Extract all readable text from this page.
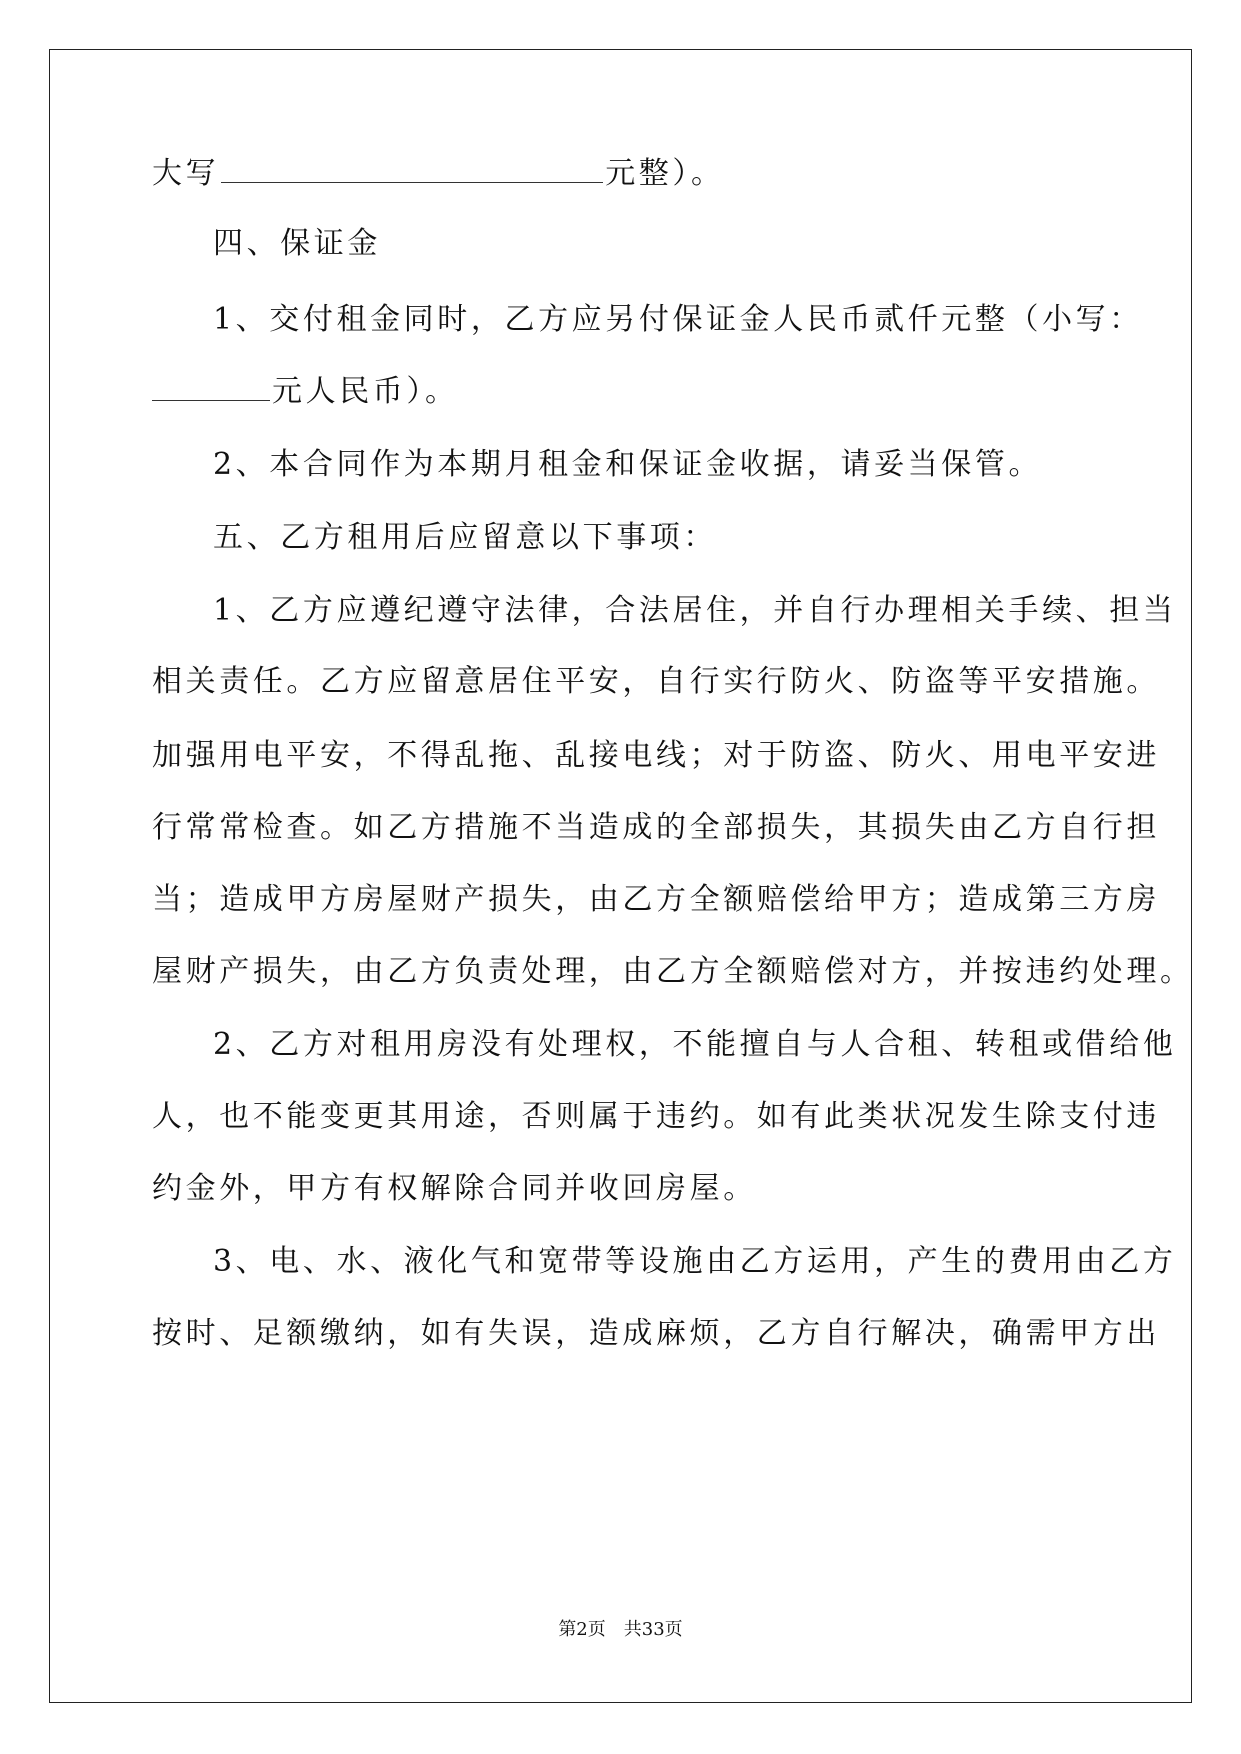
大写	元整）。
四、保证金
1、交付租金同时，乙方应另付保证金人民币贰仟元整（小写：
元人民币）。
2、本合同作为本期月租金和保证金收据，请妥当保管。
五、乙方租用后应留意以下事项：
1、乙方应遵纪遵守法律，合法居住，并自行办理相关手续、担当
相关责任。乙方应留意居住平安，自行实行防火、防盗等平安措施。
加强用电平安，不得乱拖、乱接电线；对于防盗、防火、用电平安进
行常常检查。如乙方措施不当造成的全部损失，其损失由乙方自行担
当；造成甲方房屋财产损失，由乙方全额赔偿给甲方；造成第三方房
屋财产损失，由乙方负责处理，由乙方全额赔偿对方，并按违约处理。
2、乙方对租用房没有处理权，不能擅自与人合租、转租或借给他
人，也不能变更其用途，否则属于违约。如有此类状况发生除支付违
约金外，甲方有权解除合同并收回房屋。
3、电、水、液化气和宽带等设施由乙方运用，产生的费用由乙方
按时、足额缴纳，如有失误，造成麻烦，乙方自行解决，确需甲方出
第2页 共33页
